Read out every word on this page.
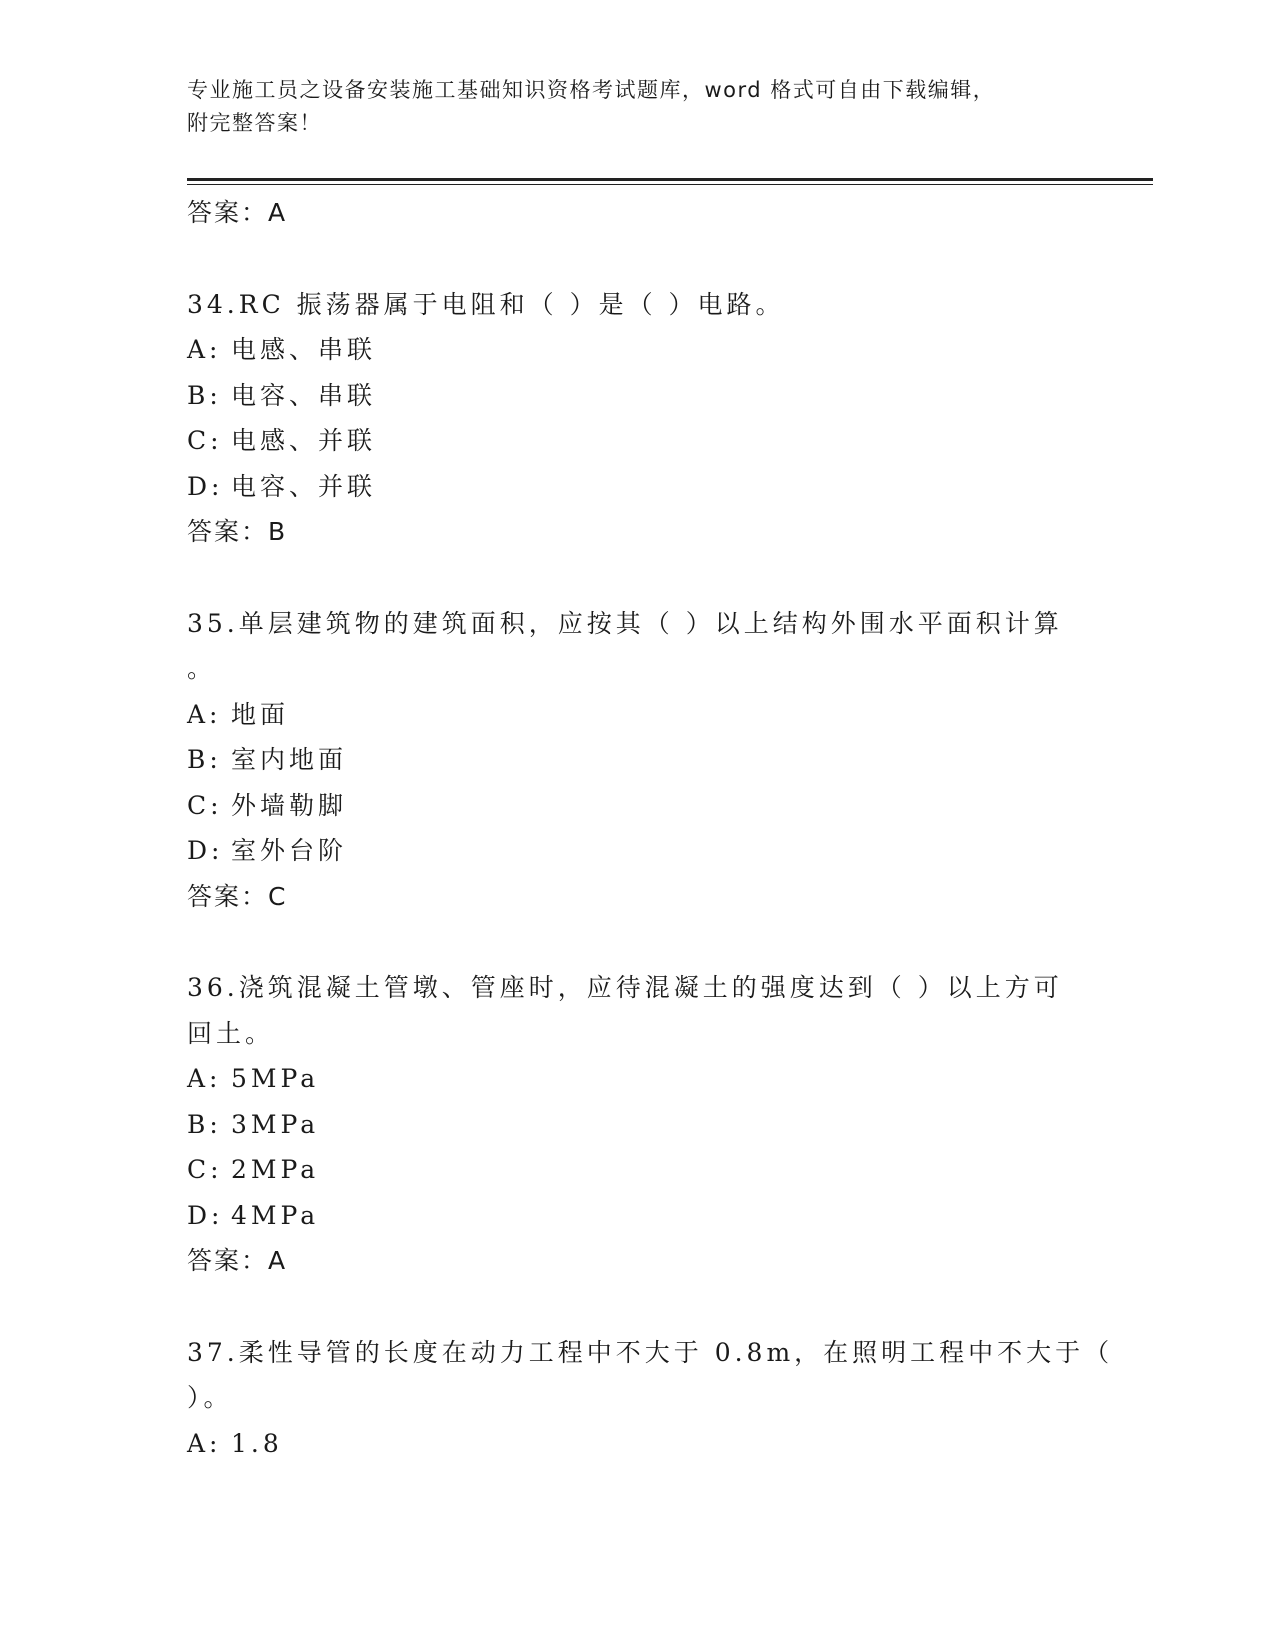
专业施工员之设备安装施工基础知识资格考试题库，word 格式可自由下载编辑，
附完整答案！
答案：A
34.RC 振荡器属于电阻和（ ）是（ ）电路。
A: 电感、串联
B: 电容、串联
C: 电感、并联
D: 电容、并联
答案：B
35.单层建筑物的建筑面积，应按其（ ）以上结构外围水平面积计算
。
A: 地面
B: 室内地面
C: 外墙勒脚
D: 室外台阶
答案：C
36.浇筑混凝土管墩、管座时，应待混凝土的强度达到（ ）以上方可
回土。
A: 5MPa
B: 3MPa
C: 2MPa
D: 4MPa
答案：A
37.柔性导管的长度在动力工程中不大于 0.8m，在照明工程中不大于（
）。
A: 1.8
